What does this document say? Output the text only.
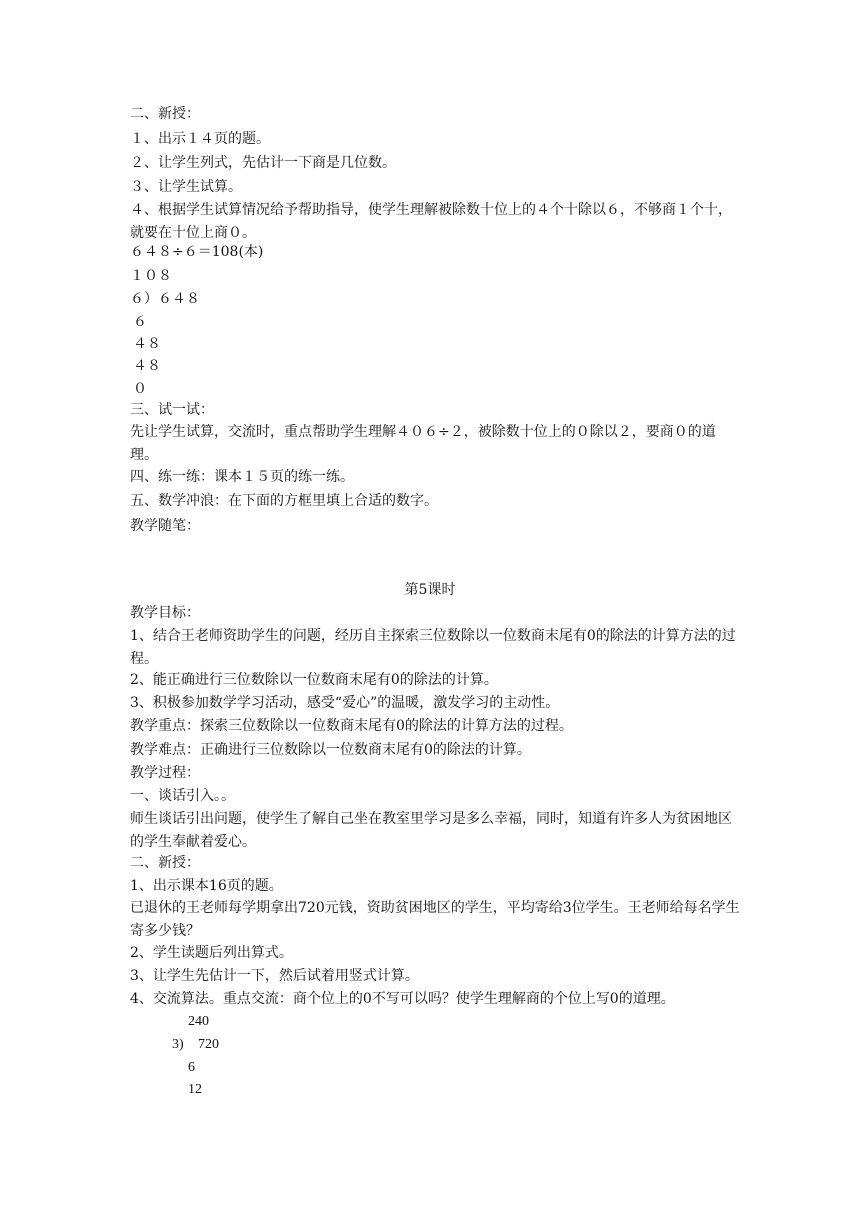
二、新授：
１、出示１４页的题。
２、让学生列式，先估计一下商是几位数。
３、让学生试算。
４、根据学生试算情况给予帮助指导，使学生理解被除数十位上的４个十除以６，不够商１个十，就要在十位上商０。
６４８÷６＝108(本)
１０８
６）６４８
６
４８
４８
０
三、试一试：
先让学生试算，交流时，重点帮助学生理解４０６÷２，被除数十位上的０除以２，要商０的道理。
四、练一练：课本１５页的练一练。
五、数学冲浪：在下面的方框里填上合适的数字。
教学随笔：
第5课时
教学目标：
1、结合王老师资助学生的问题，经历自主探索三位数除以一位数商末尾有0的除法的计算方法的过程。
2、能正确进行三位数除以一位数商末尾有0的除法的计算。
3、积极参加数学学习活动，感受“爱心”的温暖，激发学习的主动性。
教学重点：探索三位数除以一位数商末尾有0的除法的计算方法的过程。
教学难点：正确进行三位数除以一位数商末尾有0的除法的计算。
教学过程：
一、谈话引入。。
师生谈话引出问题，使学生了解自己坐在教室里学习是多么幸福，同时，知道有许多人为贫困地区的学生奉献着爱心。
二、新授：
1、出示课本16页的题。
已退休的王老师每学期拿出720元钱，资助贫困地区的学生，平均寄给3位学生。王老师给每名学生寄多少钱？
2、学生读题后列出算式。
3、让学生先估计一下，然后试着用竖式计算。
4、交流算法。重点交流：商个位上的0不写可以吗？使学生理解商的个位上写0的道理。
240
3) 720
6
12
